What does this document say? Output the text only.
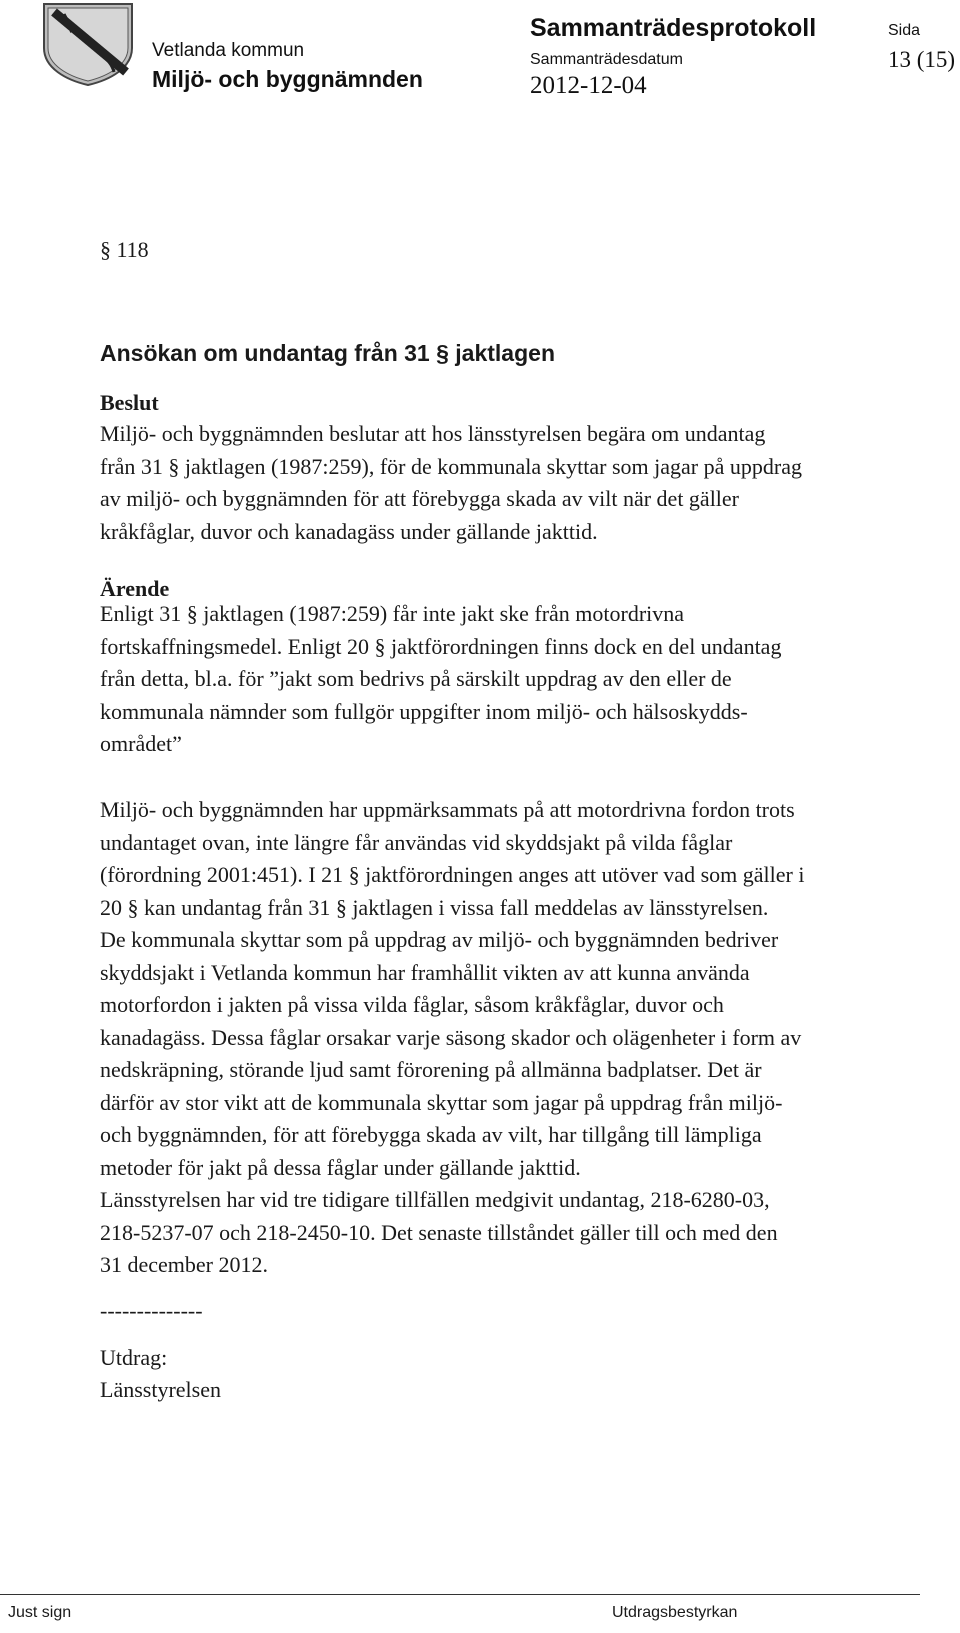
Vetlanda kommun
Miljö- och byggnämnden
Sammanträdesprotokoll
Sammanträdesdatum
2012-12-04
Sida
13 (15)
§ 118
Ansökan om undantag från 31 § jaktlagen
Beslut
Miljö- och byggnämnden beslutar att hos länsstyrelsen begära om undantag
från 31 § jaktlagen (1987:259), för de kommunala skyttar som jagar på uppdrag
av miljö- och byggnämnden för att förebygga skada av vilt när det gäller
kråkfåglar, duvor och kanadagäss under gällande jakttid.
Ärende
Enligt 31 § jaktlagen (1987:259) får inte jakt ske från motordrivna
fortskaffningsmedel. Enligt 20 § jaktförordningen finns dock en del undantag
från detta, bl.a. för ”jakt som bedrivs på särskilt uppdrag av den eller de
kommunala nämnder som fullgör uppgifter inom miljö- och hälsoskydds-
området”
Miljö- och byggnämnden har uppmärksammats på att motordrivna fordon trots
undantaget ovan, inte längre får användas vid skyddsjakt på vilda fåglar
(förordning 2001:451). I 21 § jaktförordningen anges att utöver vad som gäller i
20 § kan undantag från 31 § jaktlagen i vissa fall meddelas av länsstyrelsen.
De kommunala skyttar som på uppdrag av miljö- och byggnämnden bedriver
skyddsjakt i Vetlanda kommun har framhållit vikten av att kunna använda
motorfordon i jakten på vissa vilda fåglar, såsom kråkfåglar, duvor och
kanadagäss. Dessa fåglar orsakar varje säsong skador och olägenheter i form av
nedskräpning, störande ljud samt förorening på allmänna badplatser. Det är
därför av stor vikt att de kommunala skyttar som jagar på uppdrag från miljö-
och byggnämnden, för att förebygga skada av vilt, har tillgång till lämpliga
metoder för jakt på dessa fåglar under gällande jakttid.
Länsstyrelsen har vid tre tidigare tillfällen medgivit undantag, 218-6280-03,
218-5237-07 och 218-2450-10. Det senaste tillståndet gäller till och med den
31 december 2012.
--------------
Utdrag:
Länsstyrelsen
Just sign	Utdragsbestyrkan
